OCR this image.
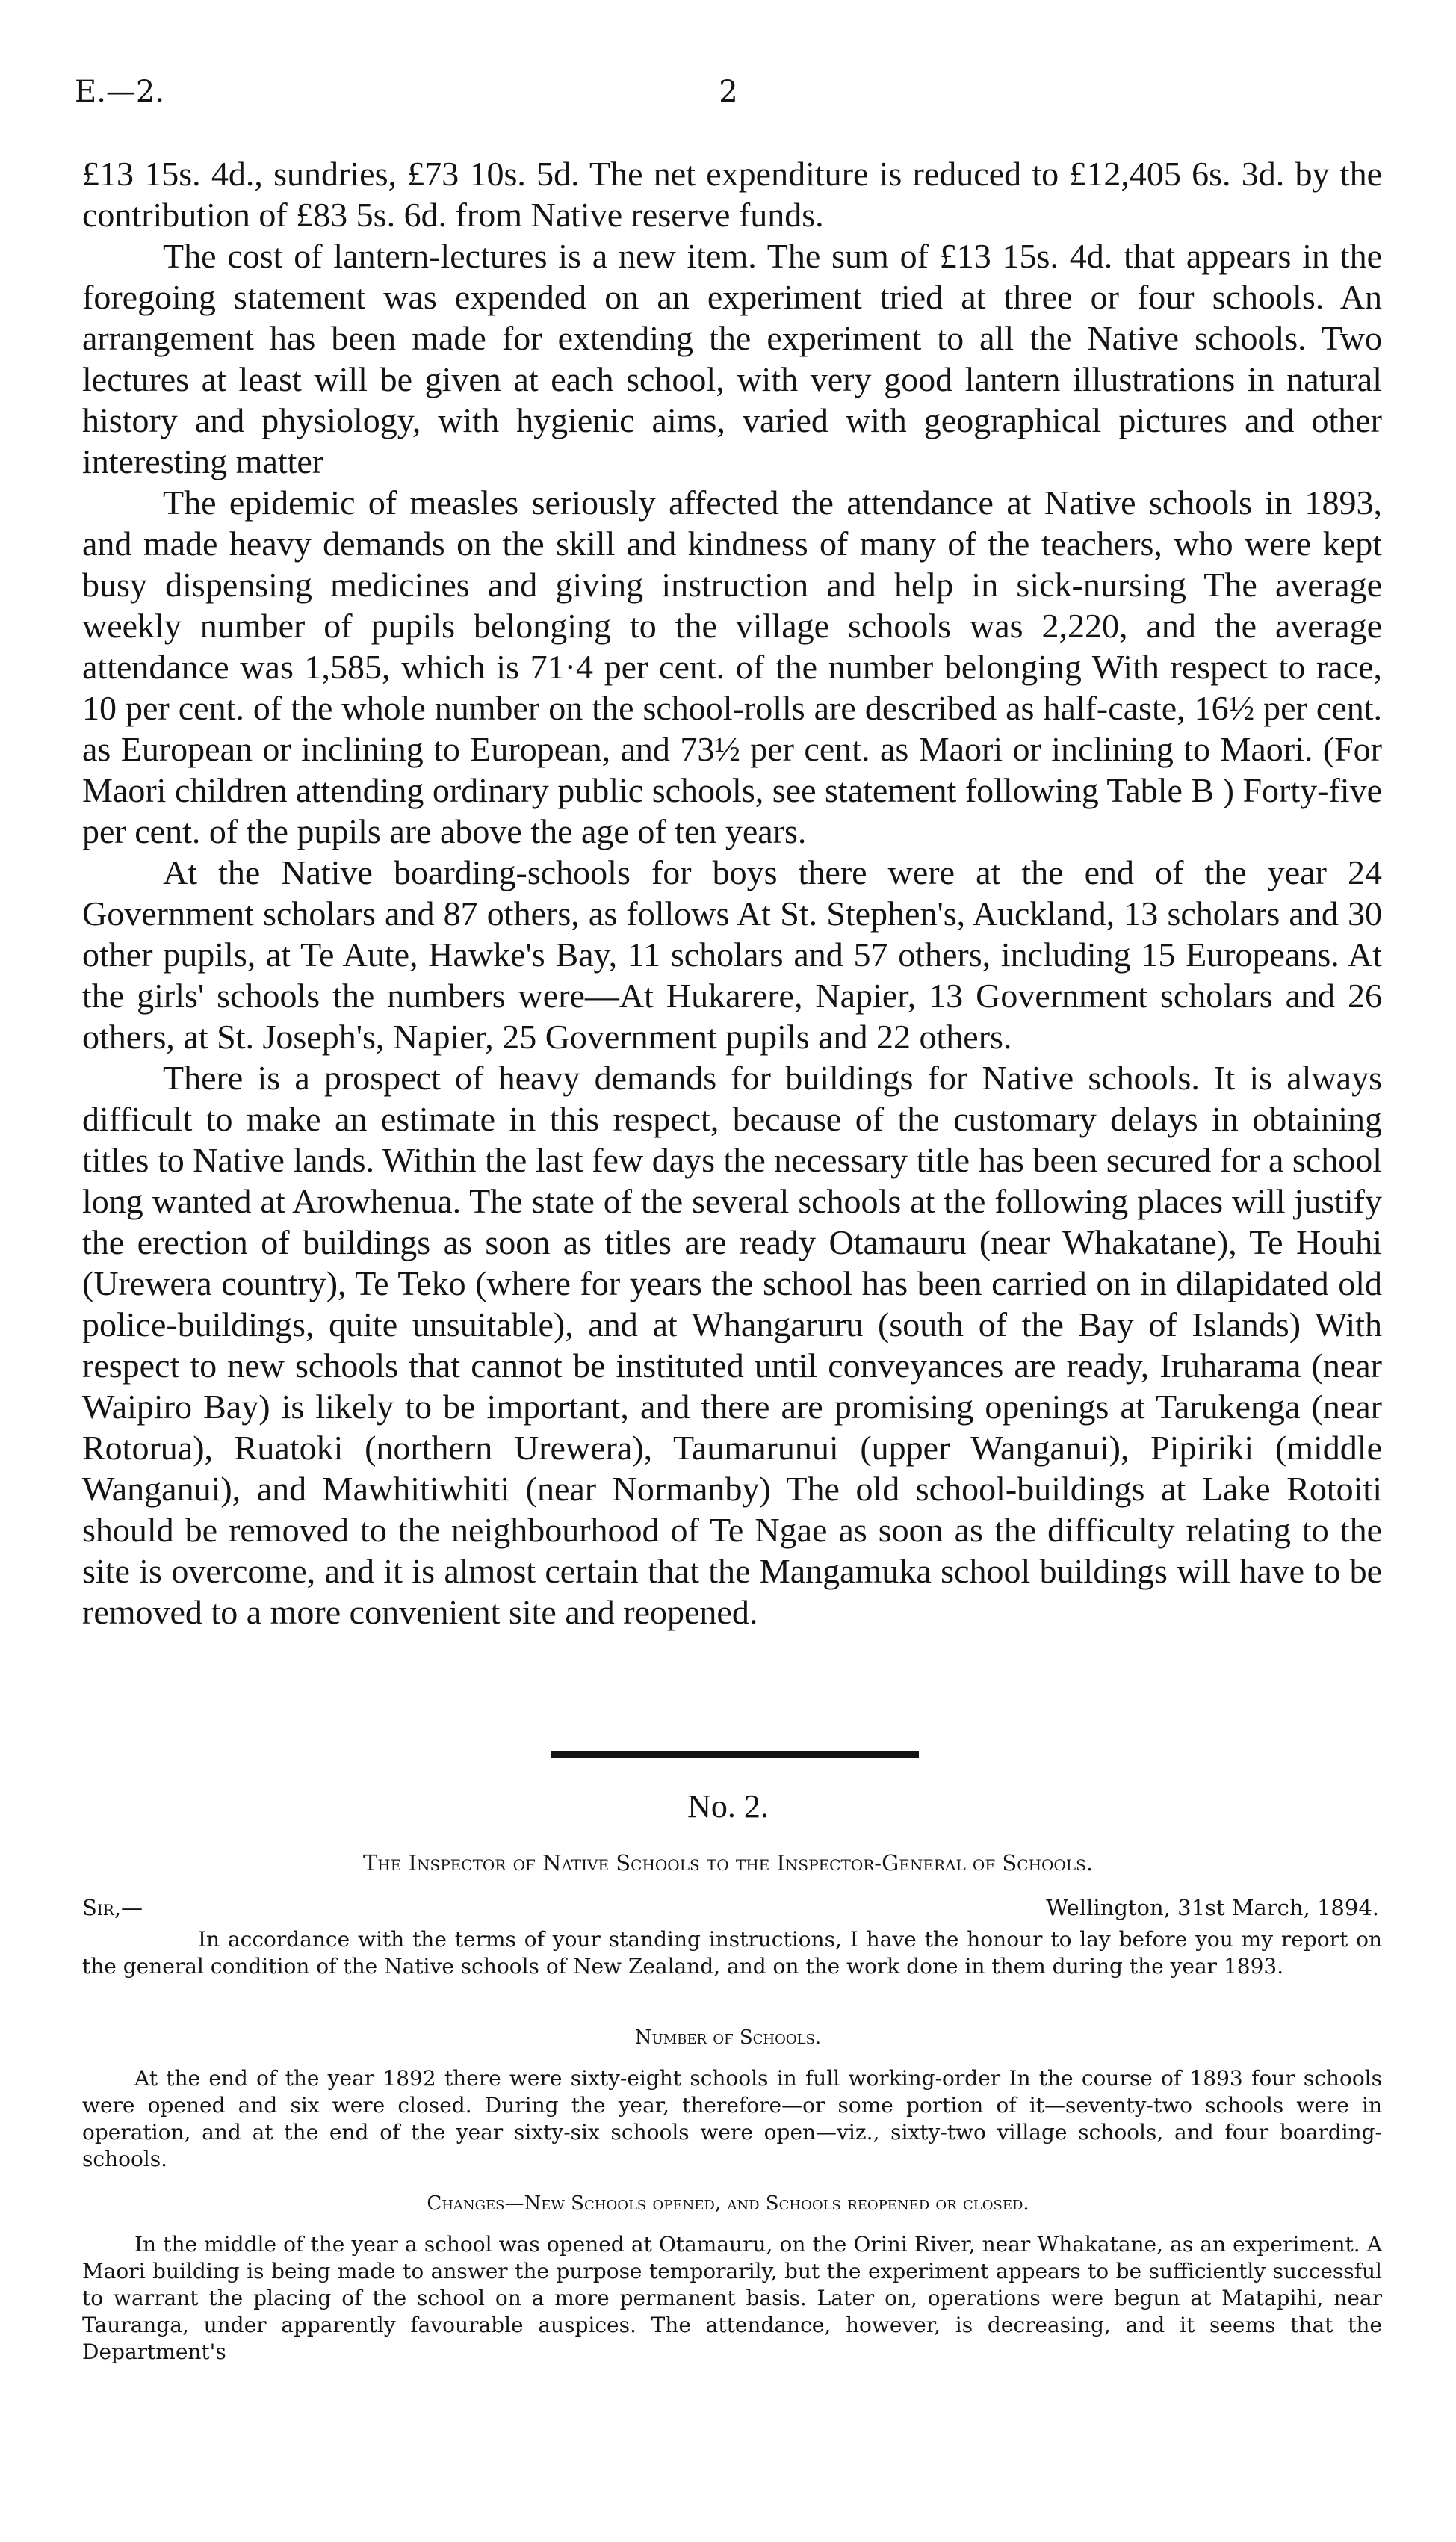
E.—2.	2

£13 15s. 4d., sundries, £73 10s. 5d. The net expenditure is reduced to £12,405 6s. 3d. by the contribution of £83 5s. 6d. from Native reserve funds.

The cost of lantern-lectures is a new item. The sum of £13 15s. 4d. that appears in the foregoing statement was expended on an experiment tried at three or four schools. An arrangement has been made for extending the experiment to all the Native schools. Two lectures at least will be given at each school, with very good lantern illustrations in natural history and physiology, with hygienic aims, varied with geographical pictures and other interesting matter

The epidemic of measles seriously affected the attendance at Native schools in 1893, and made heavy demands on the skill and kindness of many of the teachers, who were kept busy dispensing medicines and giving instruction and help in sick-nursing The average weekly number of pupils belonging to the village schools was 2,220, and the average attendance was 1,585, which is 71·4 per cent. of the number belonging With respect to race, 10 per cent. of the whole number on the school-rolls are described as half-caste, 16½ per cent. as European or inclining to European, and 73½ per cent. as Maori or inclining to Maori. (For Maori children attending ordinary public schools, see statement following Table B ) Forty-five per cent. of the pupils are above the age of ten years.

At the Native boarding-schools for boys there were at the end of the year 24 Government scholars and 87 others, as follows At St. Stephen's, Auckland, 13 scholars and 30 other pupils, at Te Aute, Hawke's Bay, 11 scholars and 57 others, including 15 Europeans. At the girls' schools the numbers were—At Hukarere, Napier, 13 Government scholars and 26 others, at St. Joseph's, Napier, 25 Government pupils and 22 others.

There is a prospect of heavy demands for buildings for Native schools. It is always difficult to make an estimate in this respect, because of the customary delays in obtaining titles to Native lands. Within the last few days the necessary title has been secured for a school long wanted at Arowhenua. The state of the several schools at the following places will justify the erection of buildings as soon as titles are ready Otamauru (near Whakatane), Te Houhi (Urewera country), Te Teko (where for years the school has been carried on in dilapidated old police-buildings, quite unsuitable), and at Whangaruru (south of the Bay of Islands) With respect to new schools that cannot be instituted until conveyances are ready, Iruharama (near Waipiro Bay) is likely to be important, and there are promising openings at Tarukenga (near Rotorua), Ruatoki (northern Urewera), Taumarunui (upper Wanganui), Pipiriki (middle Wanganui), and Mawhitiwhiti (near Normanby) The old school-buildings at Lake Rotoiti should be removed to the neighbourhood of Te Ngae as soon as the difficulty relating to the site is overcome, and it is almost certain that the Mangamuka school buildings will have to be removed to a more convenient site and reopened.

No. 2.
The Inspector of Native Schools to the Inspector-General of Schools.
Sir,—	Wellington, 31st March, 1894.

In accordance with the terms of your standing instructions, I have the honour to lay before you my report on the general condition of the Native schools of New Zealand, and on the work done in them during the year 1893.

Number of Schools.

At the end of the year 1892 there were sixty-eight schools in full working-order In the course of 1893 four schools were opened and six were closed. During the year, therefore—or some portion of it—seventy-two schools were in operation, and at the end of the year sixty-six schools were open—viz., sixty-two village schools, and four boarding-schools.

Changes—New Schools opened, and Schools reopened or closed.

In the middle of the year a school was opened at Otamauru, on the Orini River, near Whakatane, as an experiment. A Maori building is being made to answer the purpose temporarily, but the experiment appears to be sufficiently successful to warrant the placing of the school on a more permanent basis. Later on, operations were begun at Matapihi, near Tauranga, under apparently favourable auspices. The attendance, however, is decreasing, and it seems that the Department's
